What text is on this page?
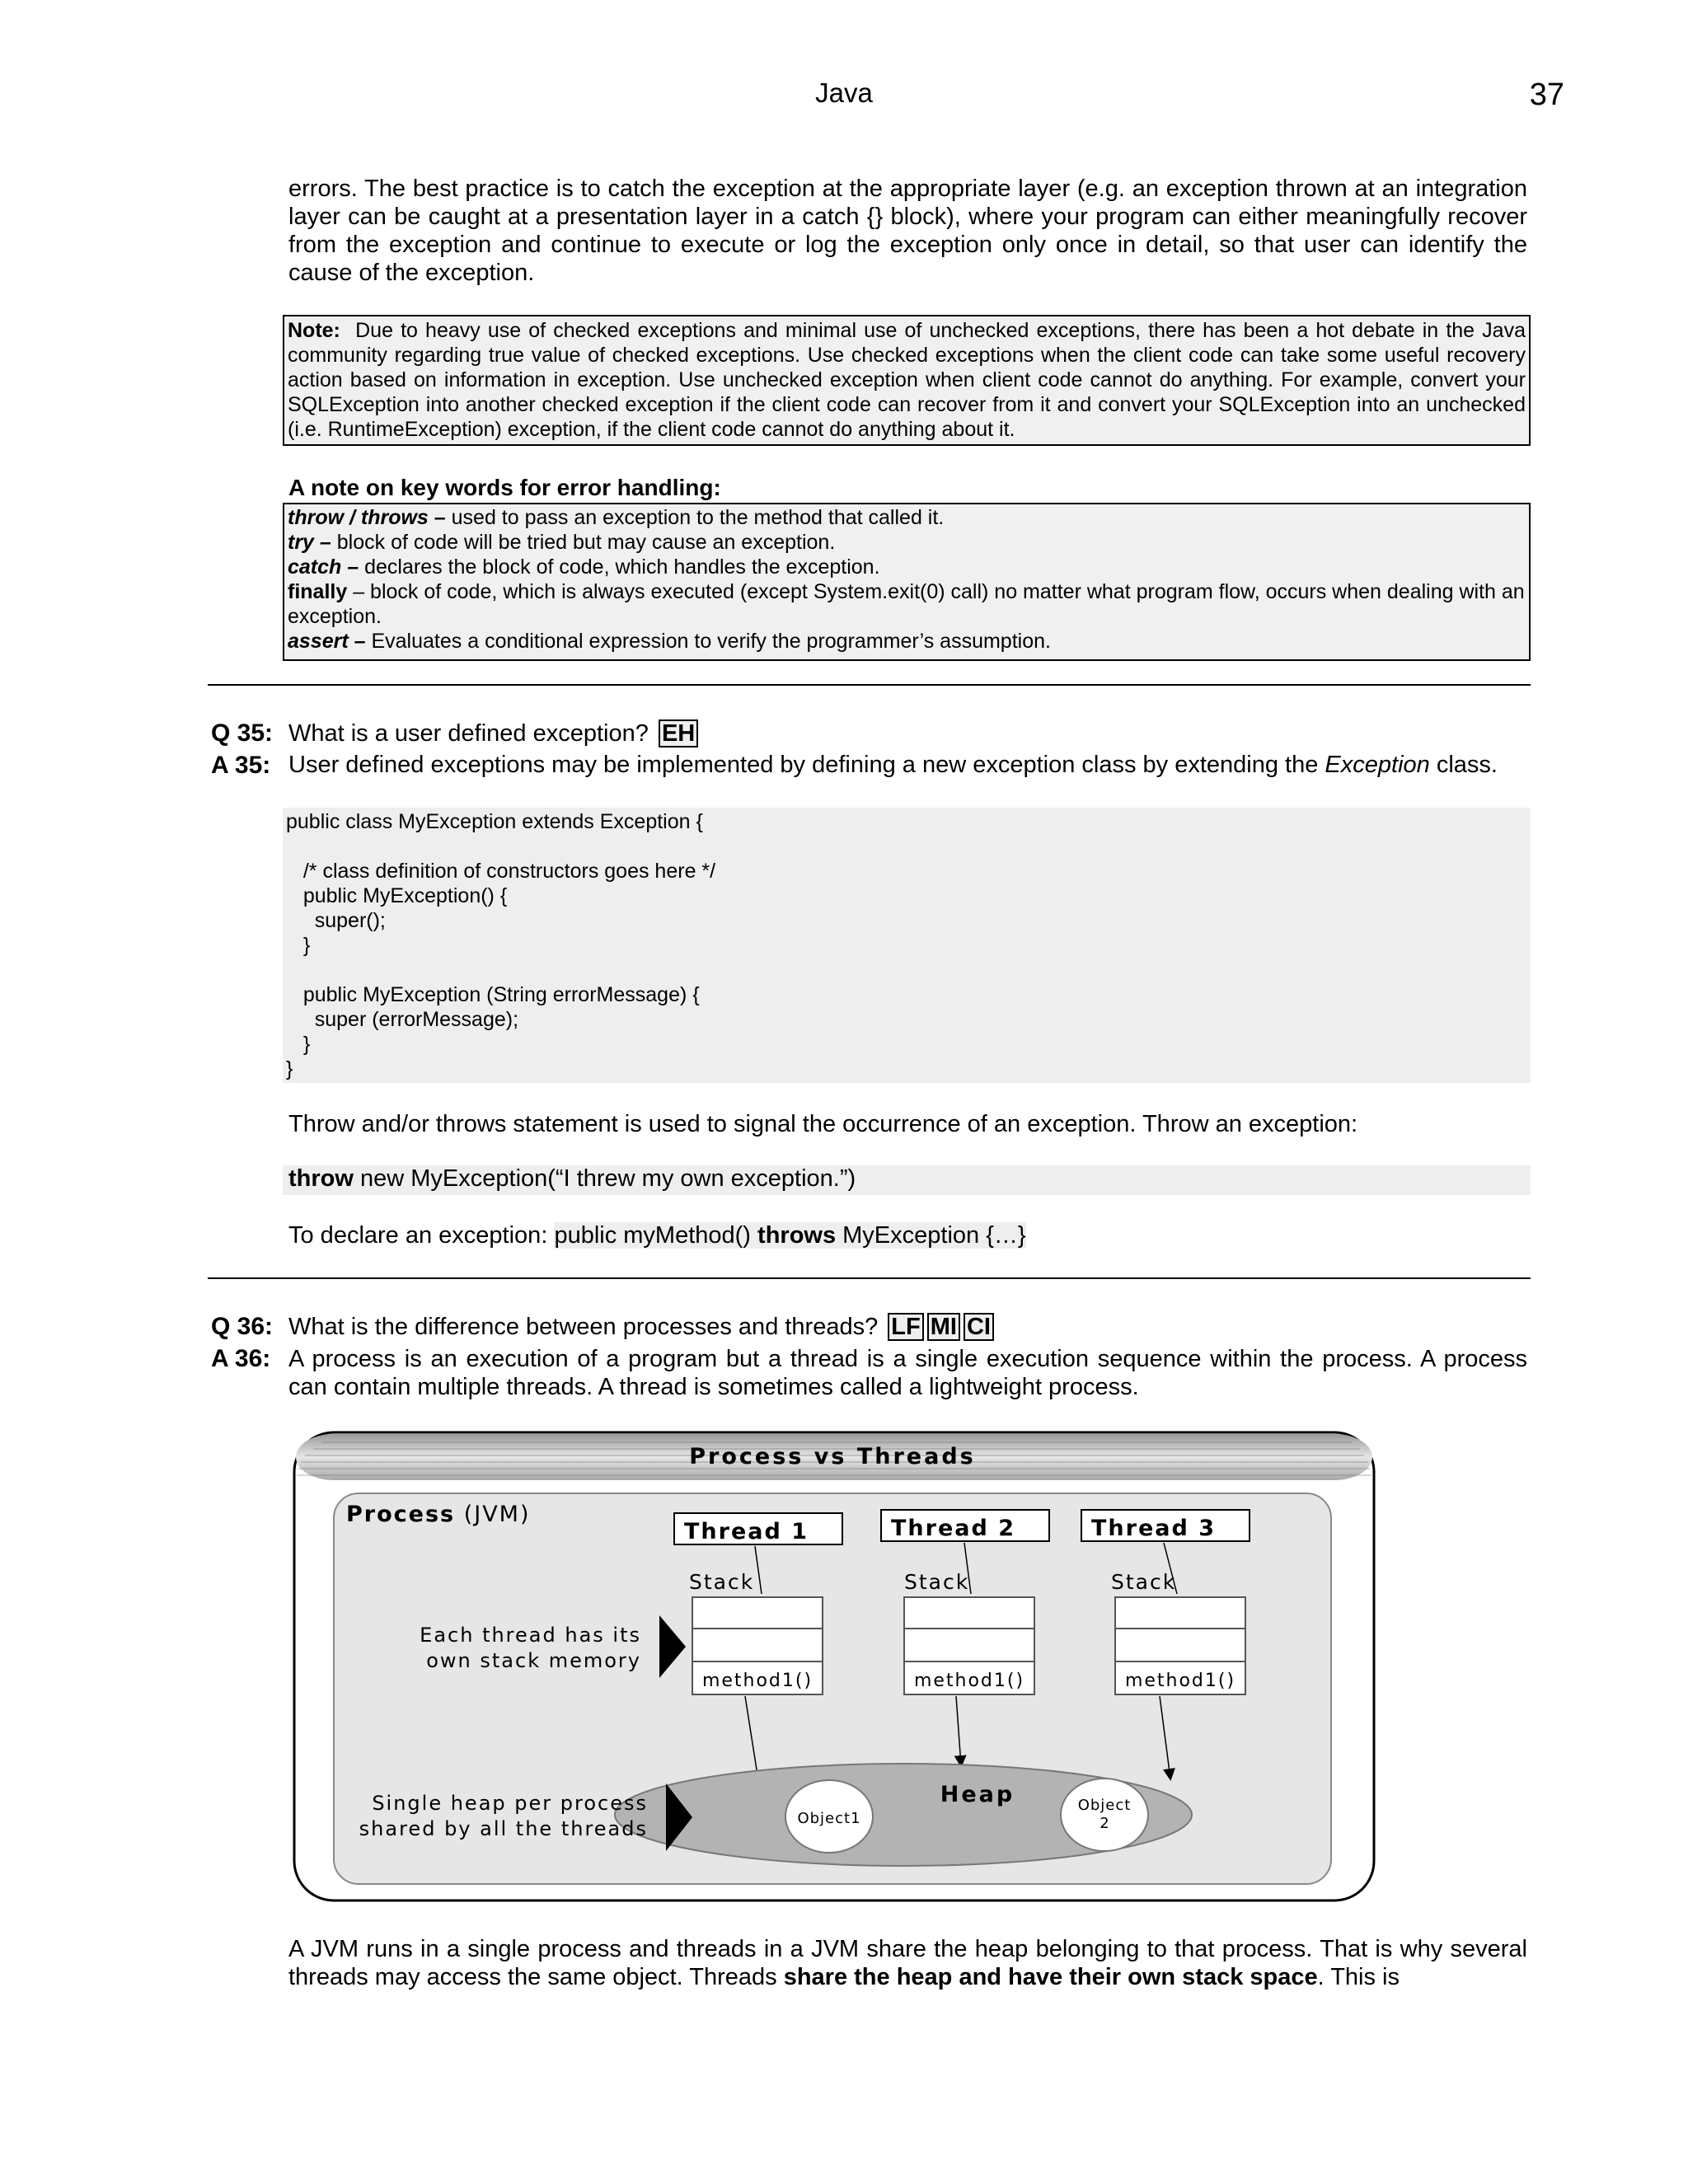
Java	37
errors. The best practice is to catch the exception at the appropriate layer (e.g. an exception thrown at an integration layer can be caught at a presentation layer in a catch {} block), where your program can either meaningfully recover from the exception and continue to execute or log the exception only once in detail, so that user can identify the cause of the exception.
Note: Due to heavy use of checked exceptions and minimal use of unchecked exceptions, there has been a hot debate in the Java community regarding true value of checked exceptions. Use checked exceptions when the client code can take some useful recovery action based on information in exception. Use unchecked exception when client code cannot do anything. For example, convert your SQLException into another checked exception if the client code can recover from it and convert your SQLException into an unchecked (i.e. RuntimeException) exception, if the client code cannot do anything about it.
A note on key words for error handling:
throw / throws – used to pass an exception to the method that called it.
try – block of code will be tried but may cause an exception.
catch – declares the block of code, which handles the exception.
finally – block of code, which is always executed (except System.exit(0) call) no matter what program flow, occurs when dealing with an exception.
assert – Evaluates a conditional expression to verify the programmer’s assumption.
Q 35: What is a user defined exception? EH
A 35: User defined exceptions may be implemented by defining a new exception class by extending the Exception class.
public class MyException extends Exception {

/* class definition of constructors goes here */
public MyException() {
super();
}

public MyException (String errorMessage) {
super (errorMessage);
}
}
Throw and/or throws statement is used to signal the occurrence of an exception. Throw an exception:
throw new MyException(“I threw my own exception.”)
To declare an exception: public myMethod() throws MyException {…}
Q 36: What is the difference between processes and threads? LF MI CI
A 36: A process is an execution of a program but a thread is a single execution sequence within the process. A process can contain multiple threads. A thread is sometimes called a lightweight process.
Process vs Threads
Process (JVM)
Thread 1
Stack
method1()
Thread 2
Stack
method1()
Thread 3
Stack
method1()
Each thread has its
own stack memory
Heap
Object1
Object
2
Single heap per process
shared by all the threads
A JVM runs in a single process and threads in a JVM share the heap belonging to that process. That is why several threads may access the same object. Threads share the heap and have their own stack space. This is
